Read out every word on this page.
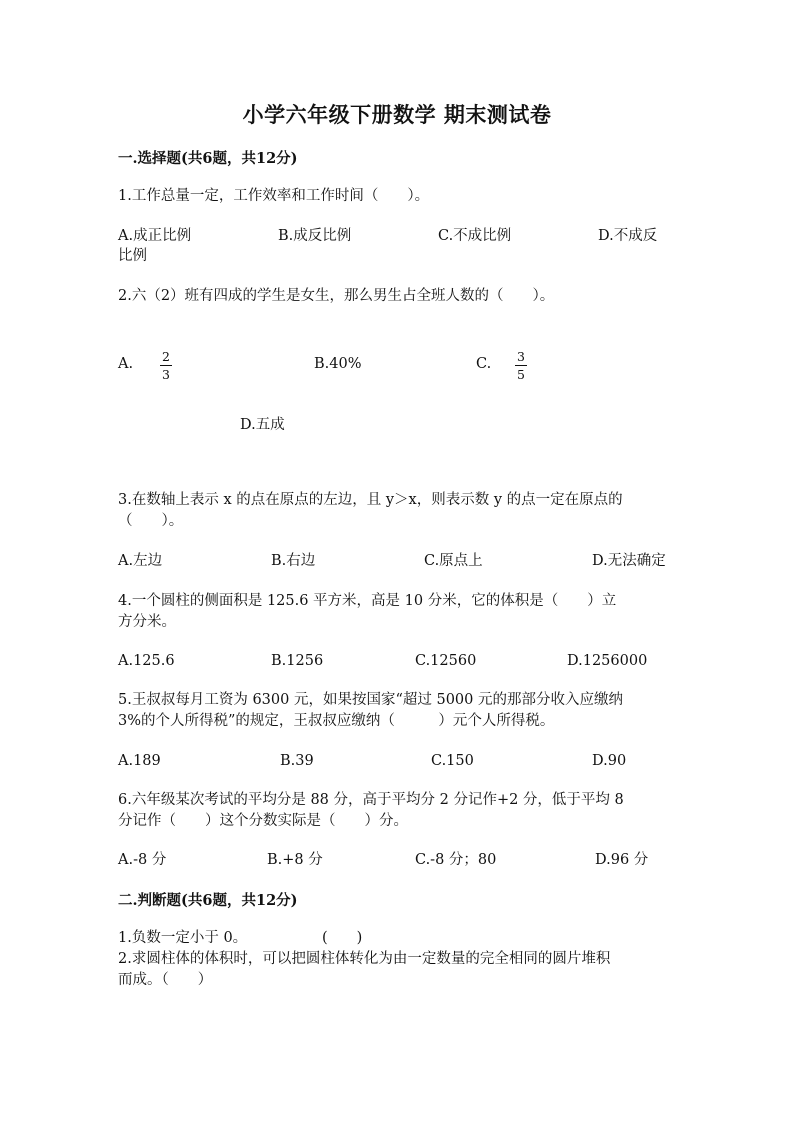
小学六年级下册数学 期末测试卷
一.选择题(共6题，共12分)
1.工作总量一定，工作效率和工作时间（　　）。
A.成正比例	B.成反比例	C.不成比例	D.不成反
比例
2.六（2）班有四成的学生是女生，那么男生占全班人数的（　　）。
A. $\frac{2}{3}$	B.40%	C. $\frac{3}{5}$
D.五成
3.在数轴上表示 x 的点在原点的左边，且 y＞x，则表示数 y 的点一定在原点的
（　　）。
A.左边	B.右边	C.原点上	D.无法确定
4.一个圆柱的侧面积是 125.6 平方米，高是 10 分米，它的体积是（　　）立
方分米。
A.125.6	B.1256	C.12560	D.1256000
5.王叔叔每月工资为 6300 元，如果按国家“超过 5000 元的那部分收入应缴纳
3%的个人所得税”的规定，王叔叔应缴纳（　　　）元个人所得税。
A.189	B.39	C.150	D.90
6.六年级某次考试的平均分是 88 分，高于平均分 2 分记作+2 分，低于平均 8
分记作（　　）这个分数实际是（　　）分。
A.-8 分	B.+8 分	C.-8 分；80	D.96 分
二.判断题(共6题，共12分)
1.负数一定小于 0。	(　　)
2.求圆柱体的体积时，可以把圆柱体转化为由一定数量的完全相同的圆片堆积
而成。（　　）
